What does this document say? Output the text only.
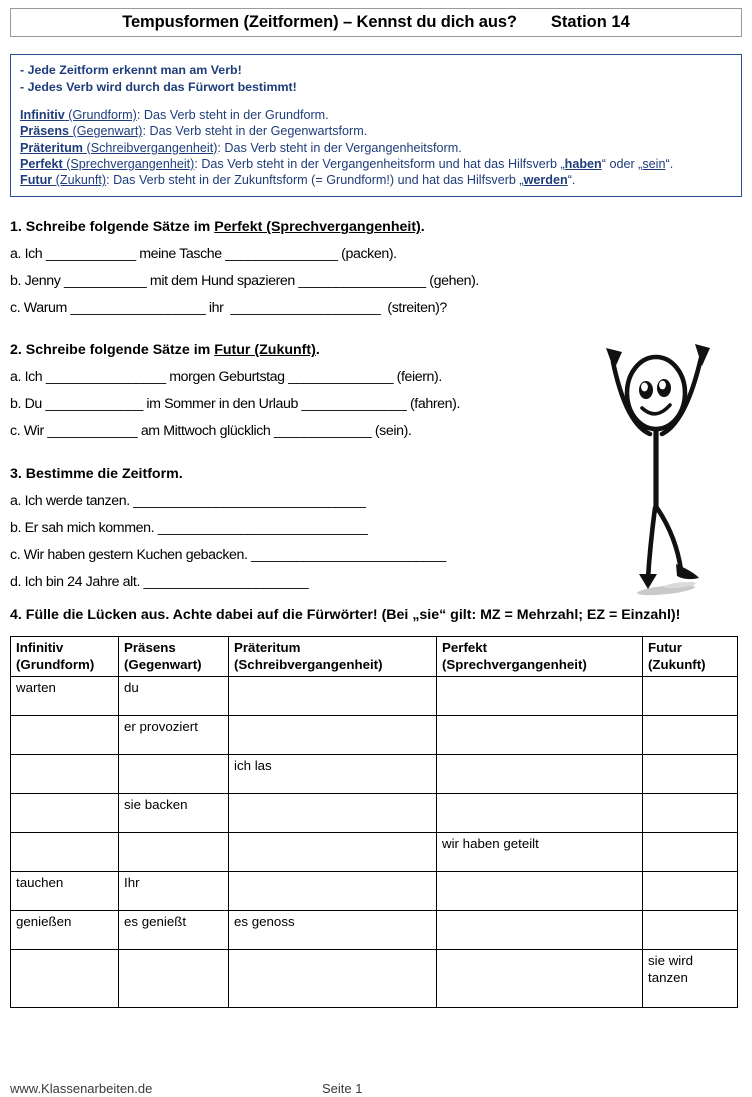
Tempusformen (Zeitformen) – Kennst du dich aus? Station 14
- Jede Zeitform erkennt man am Verb!
- Jedes Verb wird durch das Fürwort bestimmt!
Infinitiv (Grundform): Das Verb steht in der Grundform.
Präsens (Gegenwart): Das Verb steht in der Gegenwartsform.
Präteritum (Schreibvergangenheit): Das Verb steht in der Vergangenheitsform.
Perfekt (Sprechvergangenheit): Das Verb steht in der Vergangenheitsform und hat das Hilfsverb „haben“ oder „sein“.
Futur (Zukunft): Das Verb steht in der Zukunftsform (= Grundform!) und hat das Hilfsverb „werden“.
1. Schreibe folgende Sätze im Perfekt (Sprechvergangenheit).
a. Ich ____________ meine Tasche _______________ (packen).
b. Jenny ___________ mit dem Hund spazieren _________________ (gehen).
c. Warum __________________ ihr  ____________________  (streiten)?
2. Schreibe folgende Sätze im Futur (Zukunft).
a. Ich ________________ morgen Geburtstag ______________ (feiern).
b. Du _____________ im Sommer in den Urlaub ______________ (fahren).
c. Wir ____________ am Mittwoch glücklich _____________ (sein).
3. Bestimme die Zeitform.
a. Ich werde tanzen. _______________________________
b. Er sah mich kommen. ____________________________
c. Wir haben gestern Kuchen gebacken. __________________________
d. Ich bin 24 Jahre alt. ______________________
4. Fülle die Lücken aus. Achte dabei auf die Fürwörter! (Bei „sie“ gilt: MZ = Mehrzahl; EZ = Einzahl)!
Infinitiv
(Grundform)	Präsens
(Gegenwart)	Präteritum
(Schreibvergangenheit)	Perfekt
(Sprechvergangenheit)	Futur
(Zukunft)

warten	du			
	er provoziert			
		ich las		
	sie backen			
			wir haben geteilt	
tauchen	Ihr			
genießen	es genießt	es genoss		
				sie wird tanzen
www.Klassenarbeiten.de	Seite 1
